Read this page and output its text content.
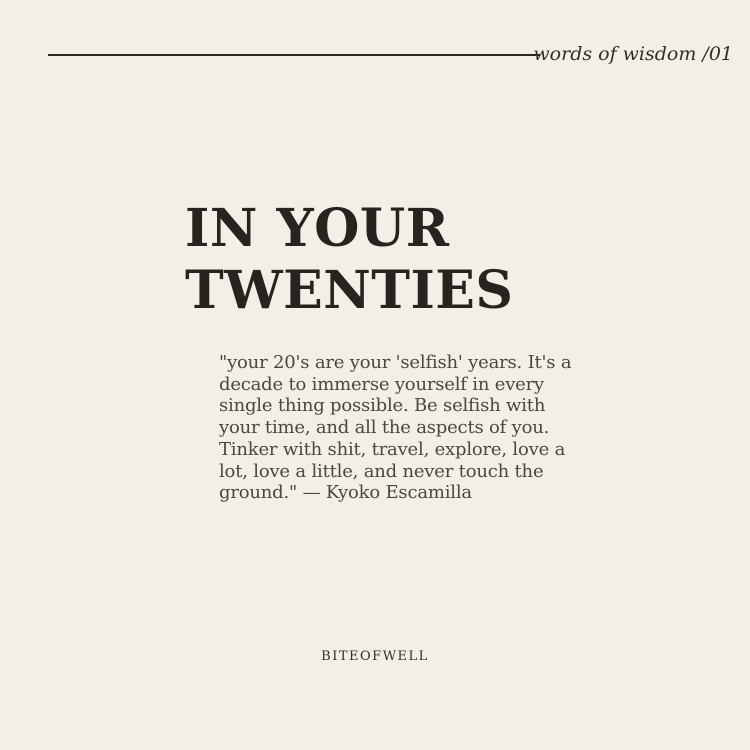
words of wisdom /01
IN YOUR
TWENTIES
"your 20's are your 'selfish' years. It's a
decade to immerse yourself in every
single thing possible. Be selfish with
your time, and all the aspects of you.
Tinker with shit, travel, explore, love a
lot, love a little, and never touch the
ground." — Kyoko Escamilla
BITEOFWELL
